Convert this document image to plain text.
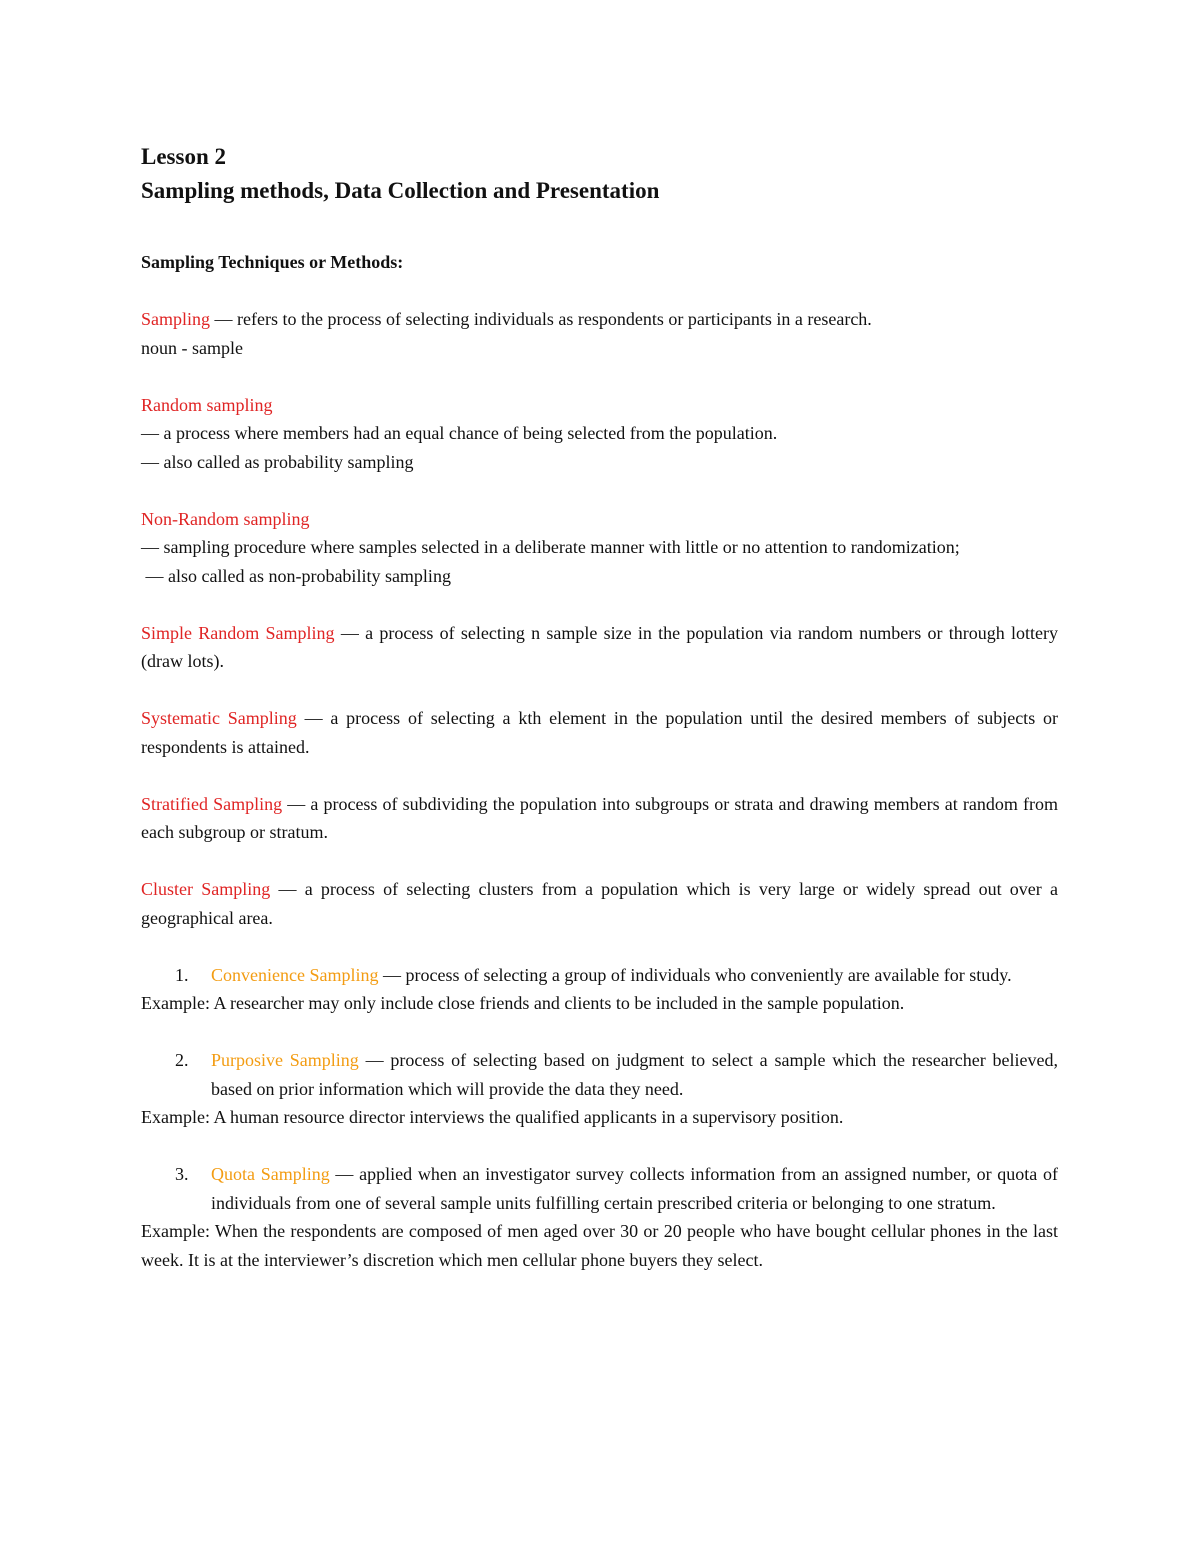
Lesson 2
Sampling methods, Data Collection and Presentation

Sampling Techniques or Methods:

Sampling — refers to the process of selecting individuals as respondents or participants in a research.

noun - sample

Random sampling

— a process where members had an equal chance of being selected from the population.

— also called as probability sampling

Non-Random sampling

— sampling procedure where samples selected in a deliberate manner with little or no attention to randomization;

— also called as non-probability sampling

Simple Random Sampling — a process of selecting n sample size in the population via random numbers or through lottery (draw lots).

Systematic Sampling — a process of selecting a kth element in the population until the desired members of subjects or respondents is attained.

Stratified Sampling — a process of subdividing the population into subgroups or strata and drawing members at random from each subgroup or stratum.

Cluster Sampling — a process of selecting clusters from a population which is very large or widely spread out over a geographical area.

1. Convenience Sampling — process of selecting a group of individuals who conveniently are available for study.

Example: A researcher may only include close friends and clients to be included in the sample population.

2. Purposive Sampling — process of selecting based on judgment to select a sample which the researcher believed, based on prior information which will provide the data they need.

Example: A human resource director interviews the qualified applicants in a supervisory position.

3. Quota Sampling — applied when an investigator survey collects information from an assigned number, or quota of individuals from one of several sample units fulfilling certain prescribed criteria or belonging to one stratum.

Example: When the respondents are composed of men aged over 30 or 20 people who have bought cellular phones in the last week. It is at the interviewer’s discretion which men cellular phone buyers they select.
